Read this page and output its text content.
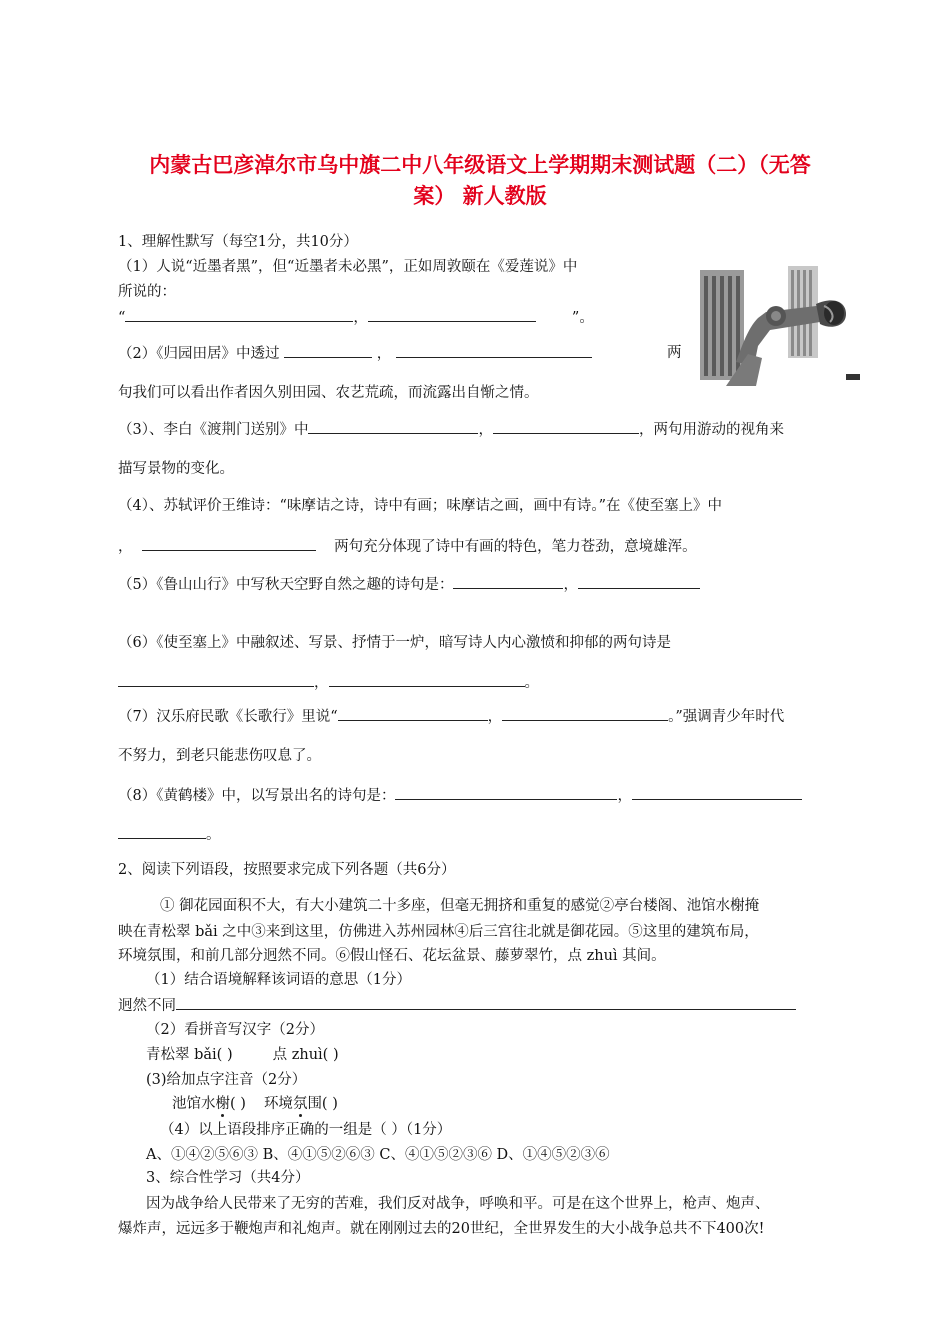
内蒙古巴彦淖尔市乌中旗二中八年级语文上学期期末测试题（二）（无答
案） 新人教版
1、理解性默写（每空1分，共10分）
（1）人说“近墨者黑”，但“近墨者未必黑”，正如周敦颐在《爱莲说》中
所说的：
“	，	”。
（2）《归园田居》中透过	，	两
句我们可以看出作者因久别田园、农艺荒疏，而流露出自惭之情。
（3）、李白《渡荆门送别》中	，	，两句用游动的视角来
描写景物的变化。
（4）、苏轼评价王维诗：“味摩诘之诗，诗中有画；味摩诘之画，画中有诗。”在《使至塞上》中
，	两句充分体现了诗中有画的特色，笔力苍劲，意境雄浑。
（5）《鲁山山行》中写秋天空野自然之趣的诗句是：	，
（6）《使至塞上》中融叙述、写景、抒情于一炉，暗写诗人内心激愤和抑郁的两句诗是
，	。
（7）汉乐府民歌《长歌行》里说“	，	。”强调青少年时代
不努力，到老只能悲伤叹息了。
（8）《黄鹤楼》中，以写景出名的诗句是：	，
。
2、阅读下列语段，按照要求完成下列各题（共6分）
① 御花园面积不大，有大小建筑二十多座，但毫无拥挤和重复的感觉②亭台楼阁、池馆水榭掩
映在青松翠 bǎi 之中③来到这里，仿佛进入苏州园林④后三宫往北就是御花园。⑤这里的建筑布局，
环境氛围，和前几部分迥然不同。⑥假山怪石、花坛盆景、藤萝翠竹，点 zhuì 其间。
（1）结合语境解释该词语的意思（1分）
迥然不同
（2）看拼音写汉字（2分）
青松翠 bǎi( )	点 zhuì( )
(3)给加点字注音（2分）
池馆水榭( ) 环境氛围( )
（4）以上语段排序正确的一组是（ ）（1分）
A、①④②⑤⑥③ B、④①⑤②⑥③ C、④①⑤②③⑥ D、①④⑤②③⑥
3、综合性学习（共4分）
因为战争给人民带来了无穷的苦难，我们反对战争，呼唤和平。可是在这个世界上，枪声、炮声、
爆炸声，远远多于鞭炮声和礼炮声。就在刚刚过去的20世纪，全世界发生的大小战争总共不下400次!
